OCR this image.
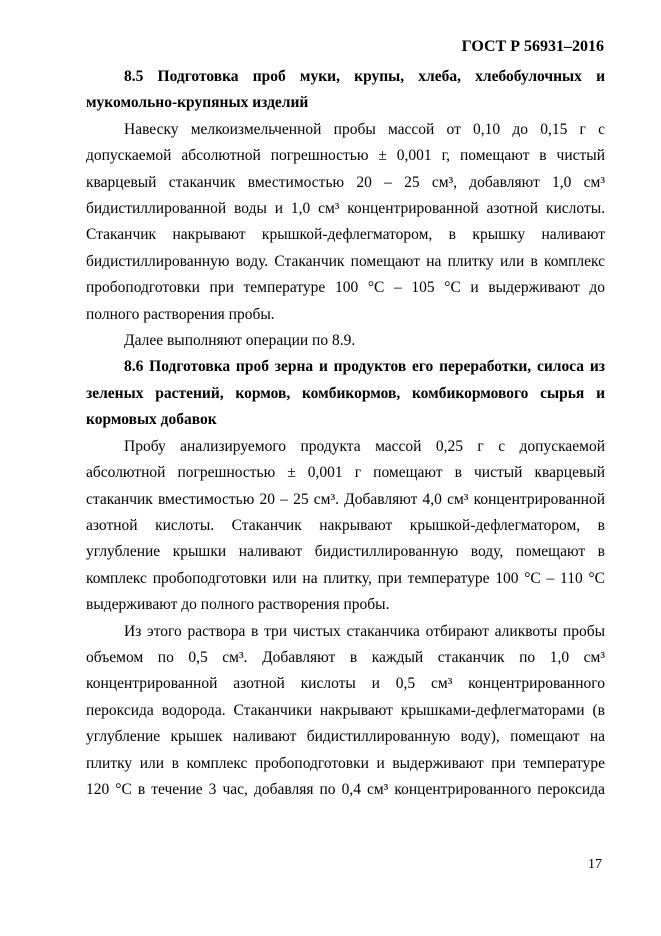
ГОСТ Р 56931–2016
8.5 Подготовка проб муки, крупы, хлеба, хлебобулочных и
мукомольно-крупяных изделий
Навеску мелкоизмельченной пробы массой от 0,10 до 0,15 г с
допускаемой абсолютной погрешностью ± 0,001 г, помещают в чистый
кварцевый стаканчик вместимостью 20 – 25 см³, добавляют 1,0 см³
бидистиллированной воды и 1,0 см³ концентрированной азотной кислоты.
Стаканчик накрывают крышкой-дефлегматором, в крышку наливают
бидистиллированную воду. Стаканчик помещают на плитку или в комплекс
пробоподготовки при температуре 100 °С – 105 °С и выдерживают до
полного растворения пробы.
Далее выполняют операции по 8.9.
8.6 Подготовка проб зерна и продуктов его переработки, силоса из
зеленых растений, кормов, комбикормов, комбикормового сырья и
кормовых добавок
Пробу анализируемого продукта массой 0,25 г с допускаемой
абсолютной погрешностью ± 0,001 г помещают в чистый кварцевый
стаканчик вместимостью 20 – 25 см³. Добавляют 4,0 см³ концентрированной
азотной кислоты. Стаканчик накрывают крышкой-дефлегматором, в
углубление крышки наливают бидистиллированную воду, помещают в
комплекс пробоподготовки или на плитку, при температуре 100 °С – 110 °С
выдерживают до полного растворения пробы.
Из этого раствора в три чистых стаканчика отбирают аликвоты пробы
объемом по 0,5 см³. Добавляют в каждый стаканчик по 1,0 см³
концентрированной азотной кислоты и 0,5 см³ концентрированного
пероксида водорода. Стаканчики накрывают крышками-дефлегматорами (в
углубление крышек наливают бидистиллированную воду), помещают на
плитку или в комплекс пробоподготовки и выдерживают при температуре
120 °С в течение 3 час, добавляя по 0,4 см³ концентрированного пероксида
17
